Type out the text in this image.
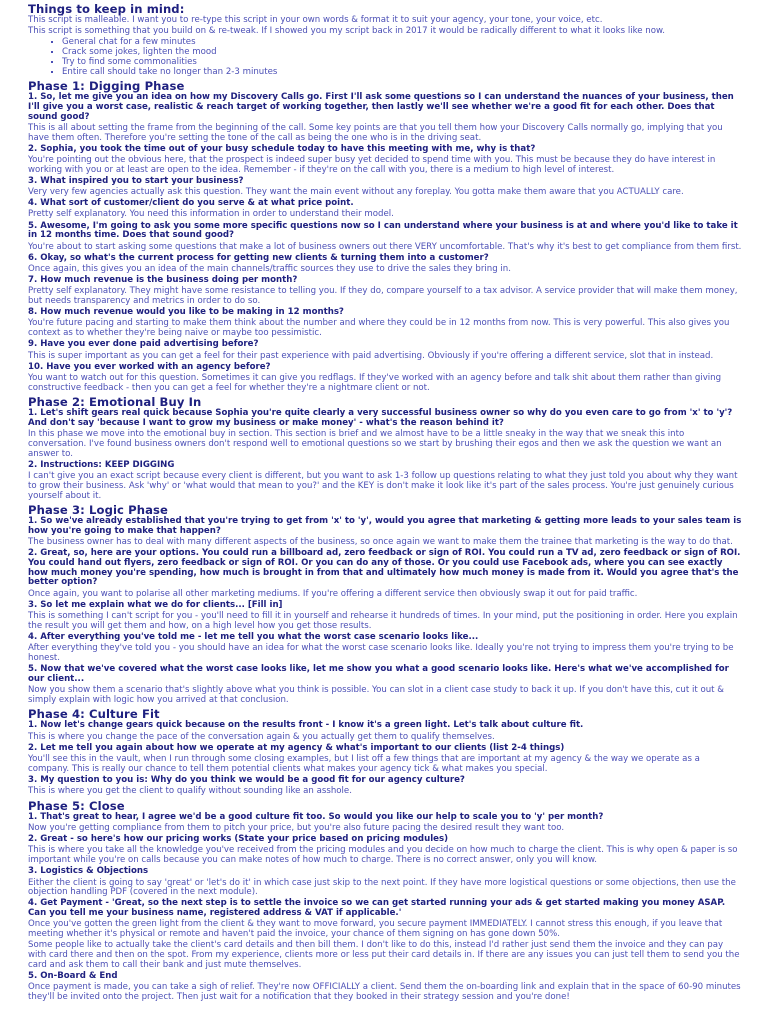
Things to keep in mind:

This script is malleable. I want you to re-type this script in your own words & format it to suit your agency, your tone, your voice, etc.

This script is something that you build on & re-tweak. If I showed you my script back in 2017 it would be radically different to what it looks like now.

▪ General chat for a few minutes
▪ Crack some jokes, lighten the mood
▪ Try to find some commonalities
▪ Entire call should take no longer than 2-3 minutes
Phase 1: Digging Phase

1. So, let me give you an idea on how my Discovery Calls go. First I'll ask some questions so I can understand the nuances of your business, then I'll give you a worst case, realistic & reach target of working together, then lastly we'll see whether we're a good fit for each other. Does that sound good?

This is all about setting the frame from the beginning of the call. Some key points are that you tell them how your Discovery Calls normally go, implying that you have them often. Therefore you're setting the tone of the call as being the one who is in the driving seat.

2. Sophia, you took the time out of your busy schedule today to have this meeting with me, why is that?

You're pointing out the obvious here, that the prospect is indeed super busy yet decided to spend time with you. This must be because they do have interest in working with you or at least are open to the idea. Remember - if they're on the call with you, there is a medium to high level of interest.

3. What inspired you to start your business?

Very very few agencies actually ask this question. They want the main event without any foreplay. You gotta make them aware that you ACTUALLY care.

4. What sort of customer/client do you serve & at what price point.

Pretty self explanatory. You need this information in order to understand their model.

5. Awesome, I'm going to ask you some more specific questions now so I can understand where your business is at and where you'd like to take it in 12 months time. Does that sound good?

You're about to start asking some questions that make a lot of business owners out there VERY uncomfortable. That's why it's best to get compliance from them first.

6. Okay, so what's the current process for getting new clients & turning them into a customer?

Once again, this gives you an idea of the main channels/traffic sources they use to drive the sales they bring in.

7. How much revenue is the business doing per month?

Pretty self explanatory. They might have some resistance to telling you. If they do, compare yourself to a tax advisor. A service provider that will make them money, but needs transparency and metrics in order to do so.

8. How much revenue would you like to be making in 12 months?

You're future pacing and starting to make them think about the number and where they could be in 12 months from now. This is very powerful. This also gives you context as to whether they're being naive or maybe too pessimistic.

9. Have you ever done paid advertising before?

This is super important as you can get a feel for their past experience with paid advertising. Obviously if you're offering a different service, slot that in instead.

10. Have you ever worked with an agency before?

You want to watch out for this question. Sometimes it can give you redflags. If they've worked with an agency before and talk shit about them rather than giving constructive feedback - then you can get a feel for whether they're a nightmare client or not.

Phase 2: Emotional Buy In

1. Let's shift gears real quick because Sophia you're quite clearly a very successful business owner so why do you even care to go from 'x' to 'y'? And don't say 'because I want to grow my business or make money' - what's the reason behind it?

In this phase we move into the emotional buy in section. This section is brief and we almost have to be a little sneaky in the way that we sneak this into conversation. I've found business owners don't respond well to emotional questions so we start by brushing their egos and then we ask the question we want an answer to.

2. Instructions: KEEP DIGGING

I can't give you an exact script because every client is different, but you want to ask 1-3 follow up questions relating to what they just told you about why they want to grow their business. Ask 'why' or 'what would that mean to you?' and the KEY is don't make it look like it's part of the sales process. You're just genuinely curious yourself about it.

Phase 3: Logic Phase

1. So we've already established that you're trying to get from 'x' to 'y', would you agree that marketing & getting more leads to your sales team is how you're going to make that happen?

The business owner has to deal with many different aspects of the business, so once again we want to make them the trainee that marketing is the way to do that.

2. Great, so, here are your options. You could run a billboard ad, zero feedback or sign of ROI. You could run a TV ad, zero feedback or sign of ROI. You could hand out flyers, zero feedback or sign of ROI. Or you can do any of those. Or you could use Facebook ads, where you can see exactly how much money you're spending, how much is brought in from that and ultimately how much money is made from it. Would you agree that's the better option?

Once again, you want to polarise all other marketing mediums. If you're offering a different service then obviously swap it out for paid traffic.

3. So let me explain what we do for clients... [Fill in]

This is something I can't script for you - you'll need to fill it in yourself and rehearse it hundreds of times. In your mind, put the positioning in order. Here you explain the result you will get them and how, on a high level how you get those results.

4. After everything you've told me - let me tell you what the worst case scenario looks like...

After everything they've told you - you should have an idea for what the worst case scenario looks like. Ideally you're not trying to impress them you're trying to be honest.

5. Now that we've covered what the worst case looks like, let me show you what a good scenario looks like. Here's what we've accomplished for our client...

Now you show them a scenario that's slightly above what you think is possible. You can slot in a client case study to back it up. If you don't have this, cut it out & simply explain with logic how you arrived at that conclusion.

Phase 4: Culture Fit

1. Now let's change gears quick because on the results front - I know it's a green light. Let's talk about culture fit.

This is where you change the pace of the conversation again & you actually get them to qualify themselves.

2. Let me tell you again about how we operate at my agency & what's important to our clients (list 2-4 things)

You'll see this in the vault, when I run through some closing examples, but I list off a few things that are important at my agency & the way we operate as a company. This is really our chance to tell them potential clients what makes your agency tick & what makes you special.

3. My question to you is: Why do you think we would be a good fit for our agency culture?

This is where you get the client to qualify without sounding like an asshole.

Phase 5: Close

1. That's great to hear, I agree we'd be a good culture fit too. So would you like our help to scale you to 'y' per month?

Now you're getting compliance from them to pitch your price, but you're also future pacing the desired result they want too.

2. Great - so here's how our pricing works (State your price based on pricing modules)

This is where you take all the knowledge you've received from the pricing modules and you decide on how much to charge the client. This is why open & paper is so important while you're on calls because you can make notes of how much to charge. There is no correct answer, only you will know.

3. Logistics & Objections

Either the client is going to say 'great' or 'let's do it' in which case just skip to the next point. If they have more logistical questions or some objections, then use the objection handling PDF (covered in the next module).

4. Get Payment - 'Great, so the next step is to settle the invoice so we can get started running your ads & get started making you money ASAP. Can you tell me your business name, registered address & VAT if applicable.'

Once you've gotten the green light from the client & they want to move forward, you secure payment IMMEDIATELY. I cannot stress this enough, if you leave that meeting whether it's physical or remote and haven't paid the invoice, your chance of them signing on has gone down 50%.

Some people like to actually take the client's card details and then bill them. I don't like to do this, instead I'd rather just send them the invoice and they can pay with card there and then on the spot. From my experience, clients more or less put their card details in. If there are any issues you can just tell them to send you the card and ask them to call their bank and just mute themselves.

5. On-Board & End

Once payment is made, you can take a sigh of relief. They're now OFFICIALLY a client. Send them the on-boarding link and explain that in the space of 60-90 minutes they'll be invited onto the project. Then just wait for a notification that they booked in their strategy session and you're done!
